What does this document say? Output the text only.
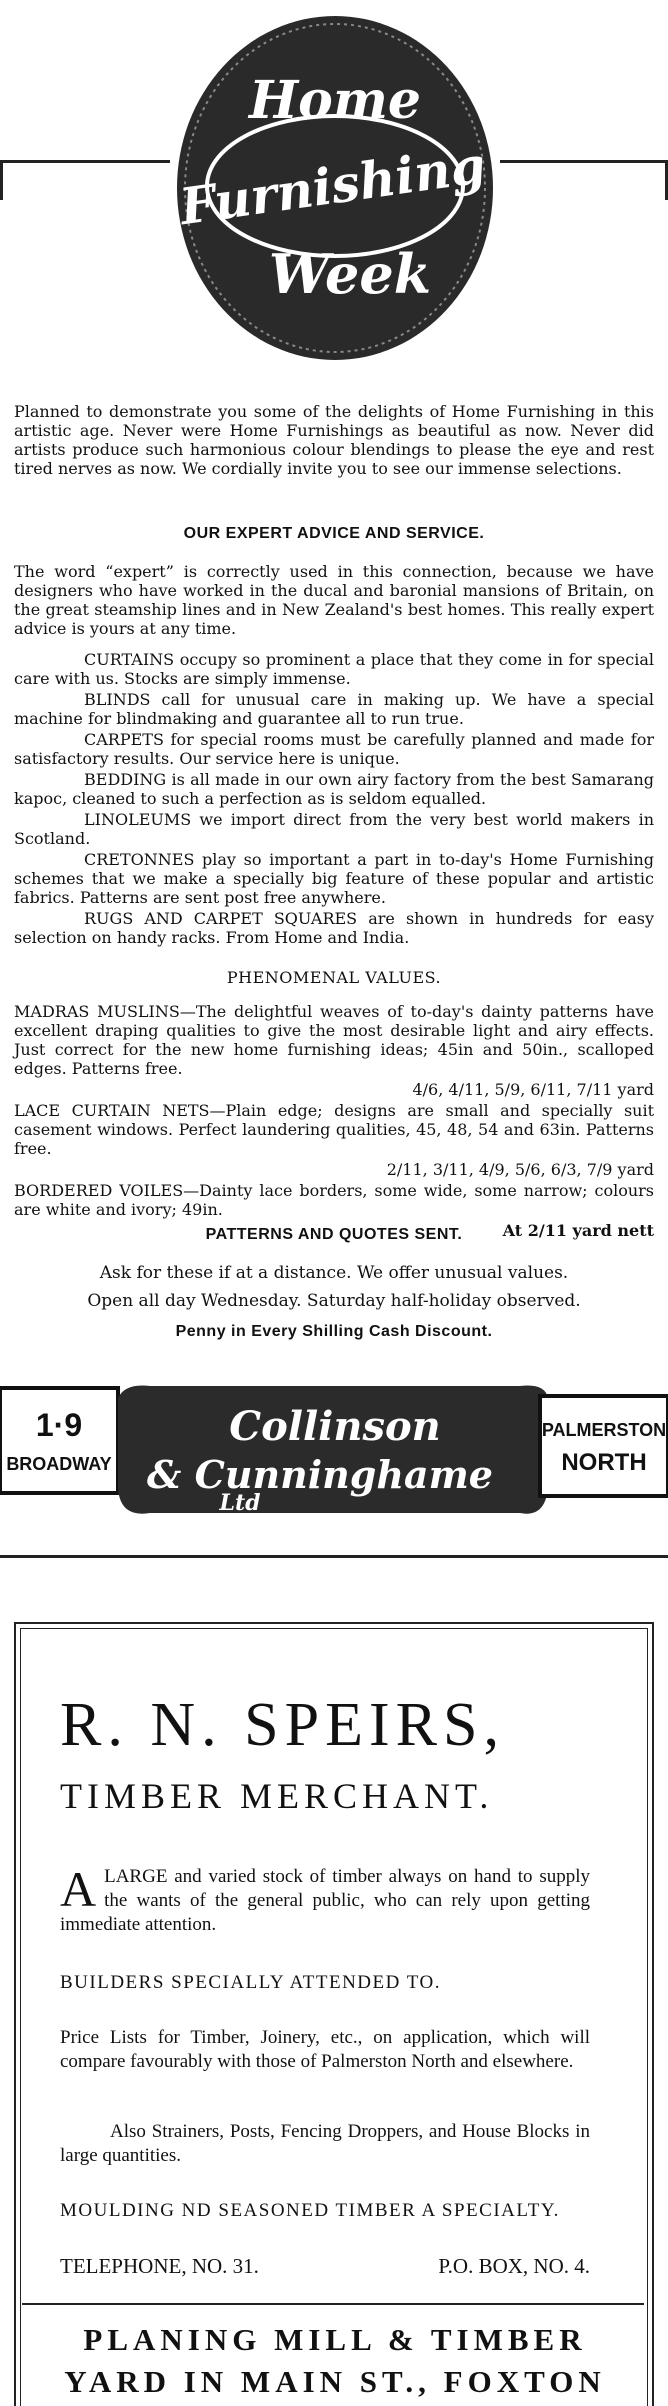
Home
Furnishing
Week
Planned to demonstrate you some of the delights of Home Furnishing in this artistic age. Never were Home Furnishings as beautiful as now. Never did artists produce such harmonious colour blendings to please the eye and rest tired nerves as now. We cordially invite you to see our immense selections.
OUR EXPERT ADVICE AND SERVICE.
The word “expert” is correctly used in this connection, because we have designers who have worked in the ducal and baronial mansions of Britain, on the great steamship lines and in New Zealand's best homes. This really expert advice is yours at any time.

CURTAINS occupy so prominent a place that they come in for special care with us. Stocks are simply immense.

BLINDS call for unusual care in making up. We have a special machine for blindmaking and guarantee all to run true.

CARPETS for special rooms must be carefully planned and made for satisfactory results. Our service here is unique.

BEDDING is all made in our own airy factory from the best Samarang kapoc, cleaned to such a perfection as is seldom equalled.

LINOLEUMS we import direct from the very best world makers in Scotland.

CRETONNES play so important a part in to-day's Home Furnishing schemes that we make a specially big feature of these popular and artistic fabrics. Patterns are sent post free anywhere.

RUGS AND CARPET SQUARES are shown in hundreds for easy selection on handy racks. From Home and India.

PHENOMENAL VALUES.

MADRAS MUSLINS—The delightful weaves of to-day's dainty patterns have excellent draping qualities to give the most desirable light and airy effects. Just correct for the new home furnishing ideas; 45in and 50in., scalloped edges. Patterns free.

4/6, 4/11, 5/9, 6/11, 7/11 yard

LACE CURTAIN NETS—Plain edge; designs are small and specially suit casement windows. Perfect laundering qualities, 45, 48, 54 and 63in. Patterns free.

2/11, 3/11, 4/9, 5/6, 6/3, 7/9 yard

BORDERED VOILES—Dainty lace borders, some wide, some narrow; colours are white and ivory; 49in.

At 2/11 yard nett

PATTERNS AND QUOTES SENT.
Ask for these if at a distance. We offer unusual values.
Open all day Wednesday. Saturday half-holiday observed.
Penny in Every Shilling Cash Discount.
1·9
BROADWAY
Collinson
& Cunninghame
Ltd
PALMERSTON
NORTH
R. N. SPEIRS,
TIMBER MERCHANT.
ALARGE and varied stock of timber always on hand to supply the wants of the general public, who can rely upon getting immediate attention.
BUILDERS SPECIALLY ATTENDED TO.
Price Lists for Timber, Joinery, etc., on application, which will compare favourably with those of Palmerston North and elsewhere.
Also Strainers, Posts, Fencing Droppers, and House Blocks in large quantities.
MOULDING ND SEASONED TIMBER A SPECIALTY.
TELEPHONE, NO. 31.	P.O. BOX, NO. 4.
PLANING MILL & TIMBER
YARD IN MAIN ST., FOXTON
